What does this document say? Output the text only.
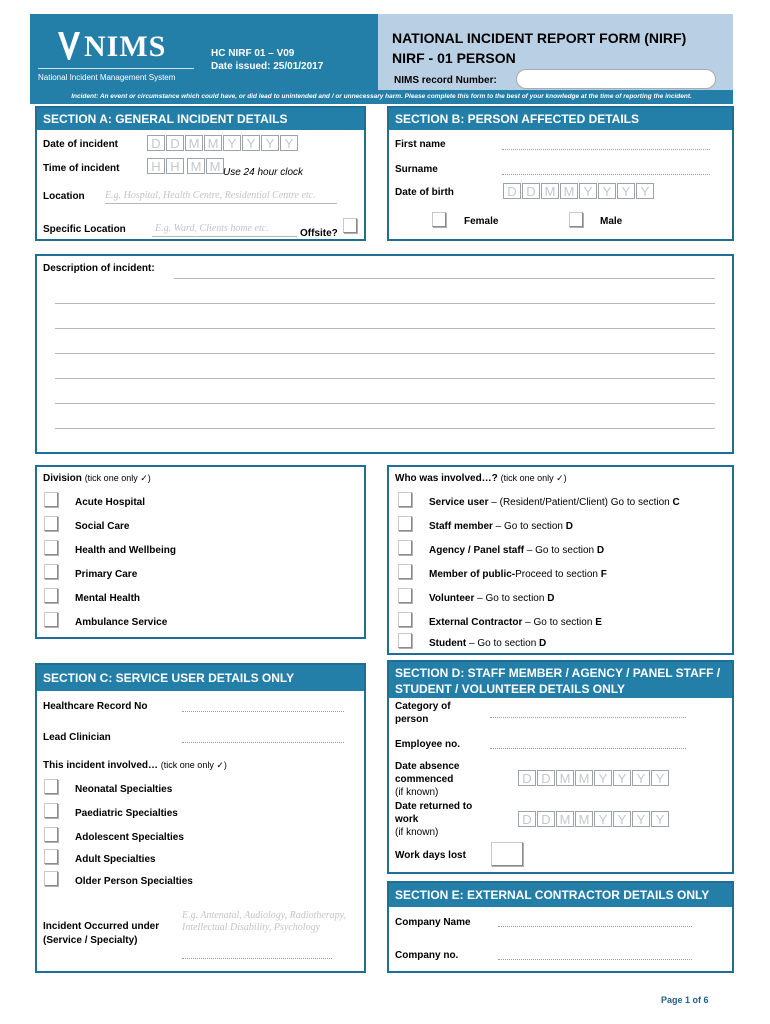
NIMS
National Incident Management System
HC NIRF 01 – V09
Date issued: 25/01/2017
NATIONAL INCIDENT REPORT FORM (NIRF)
NIRF - 01 PERSON
NIMS record Number:
Incident: An event or circumstance which could have, or did lead to unintended and / or unnecessary harm. Please complete this form to the best of your knowledge at the time of reporting the incident.
SECTION A: GENERAL INCIDENT DETAILS
Date of incident	D D M M Y Y Y Y
Time of incident	H H M M Use 24 hour clock
Location E.g. Hospital, Health Centre, Residential Centre etc.
Specific Location	E.g. Ward, Clients home etc.	Offsite?
SECTION B: PERSON AFFECTED DETAILS
First name
Surname
Date of birth	D D M M Y Y Y Y
Female	Male
Description of incident:
Division (tick one only ✓)
Acute Hospital
Social Care
Health and Wellbeing
Primary Care
Mental Health
Ambulance Service
Who was involved…? (tick one only ✓)
Service user – (Resident/Patient/Client) Go to section C
Staff member – Go to section D
Agency / Panel staff – Go to section D
Member of public-Proceed to section F
Volunteer – Go to section D
External Contractor – Go to section E
Student – Go to section D
SECTION C: SERVICE USER DETAILS ONLY
Healthcare Record No
Lead Clinician
This incident involved… (tick one only ✓)
Neonatal Specialties
Paediatric Specialties
Adolescent Specialties
Adult Specialties
Older Person Specialties
Incident Occurred under
(Service / Specialty)
E.g. Antenatal, Audiology, Radiotherapy, Intellectual Disability, Psychology
SECTION D: STAFF MEMBER / AGENCY / PANEL STAFF /
STUDENT / VOLUNTEER DETAILS ONLY
Category of
person
Employee no.
Date absence
commenced
(if known)
D D M M Y Y Y Y
Date returned to
work
(if known)
D D M M Y Y Y Y
Work days lost
SECTION E: EXTERNAL CONTRACTOR DETAILS ONLY
Company Name
Company no.
Page 1 of 6
